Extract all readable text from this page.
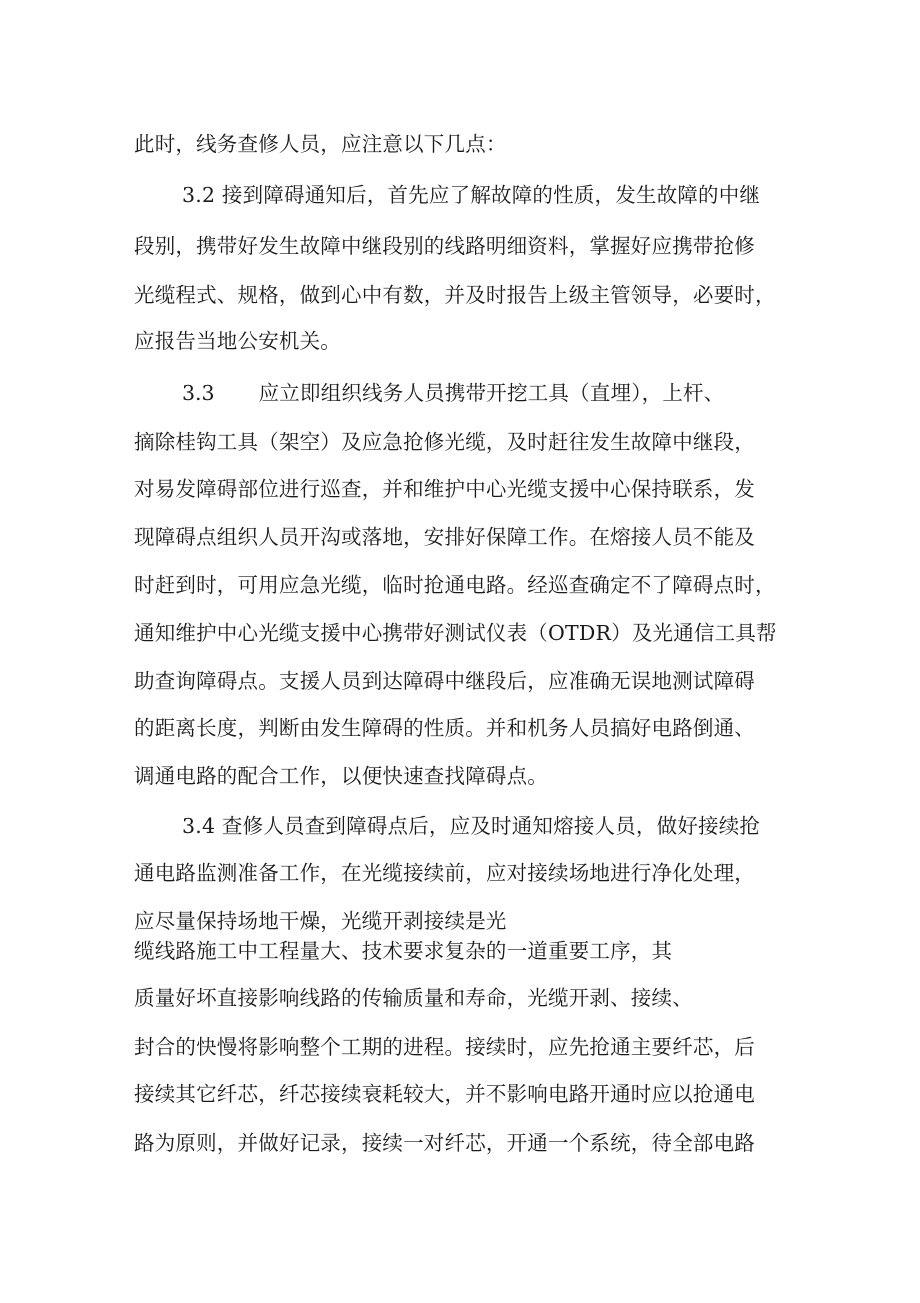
此时，线务查修人员，应注意以下几点：

3.2 接到障碍通知后，首先应了解故障的性质，发生故障的中继

段别，携带好发生故障中继段别的线路明细资料，掌握好应携带抢修

光缆程式、规格，做到心中有数，并及时报告上级主管领导，必要时，

应报告当地公安机关。

3.3 应立即组织线务人员携带开挖工具（直埋），上杆、

摘除桂钩工具（架空）及应急抢修光缆，及时赶往发生故障中继段，

对易发障碍部位进行巡查，并和维护中心光缆支援中心保持联系，发

现障碍点组织人员开沟或落地，安排好保障工作。在熔接人员不能及

时赶到时，可用应急光缆，临时抢通电路。经巡查确定不了障碍点时，

通知维护中心光缆支援中心携带好测试仪表（OTDR）及光通信工具帮

助查询障碍点。支援人员到达障碍中继段后，应准确无误地测试障碍

的距离长度，判断由发生障碍的性质。并和机务人员搞好电路倒通、

调通电路的配合工作，以便快速查找障碍点。

3.4 查修人员查到障碍点后，应及时通知熔接人员，做好接续抢

通电路监测准备工作，在光缆接续前，应对接续场地进行净化处理，

应尽量保持场地干燥，光缆开剥接续是光

缆线路施工中工程量大、技术要求复杂的一道重要工序，其

质量好坏直接影响线路的传输质量和寿命，光缆开剥、接续、

封合的快慢将影响整个工期的进程。接续时，应先抢通主要纤芯，后

接续其它纤芯，纤芯接续衰耗较大，并不影响电路开通时应以抢通电

路为原则，并做好记录，接续一对纤芯，开通一个系统，待全部电路
